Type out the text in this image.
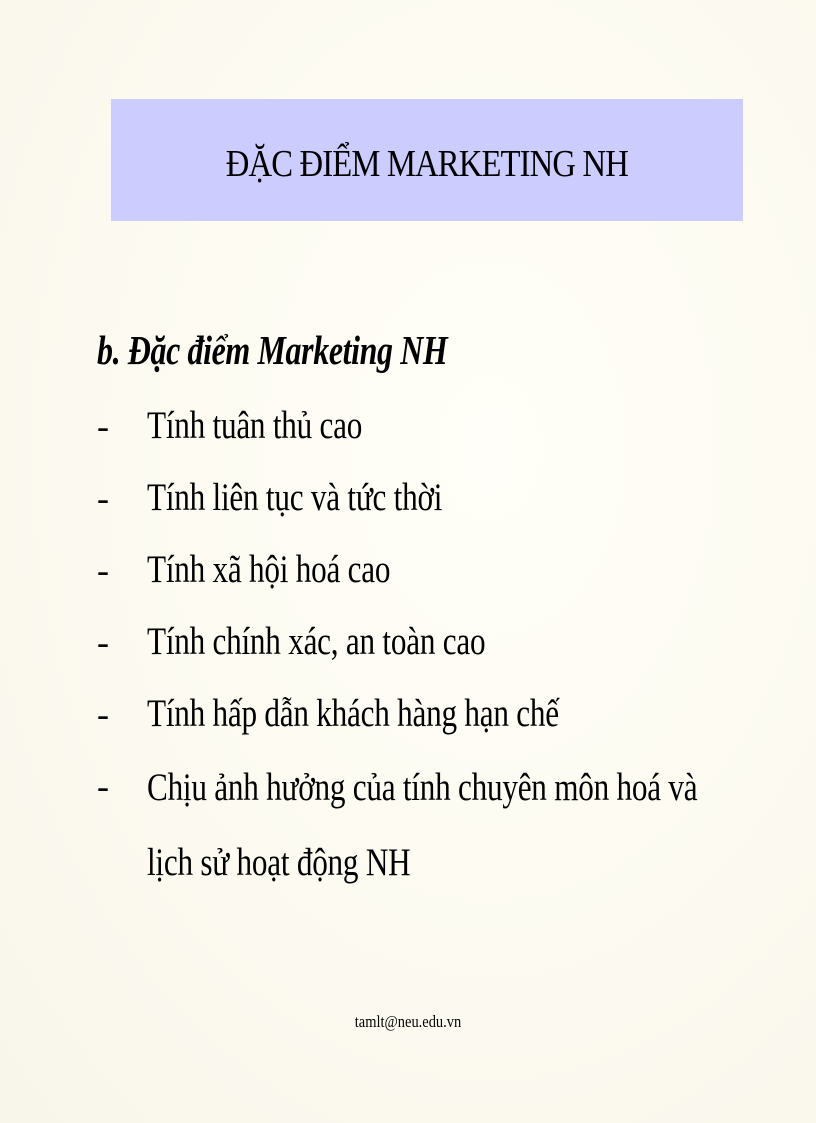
ĐẶC ĐIỂM MARKETING NH
b. Đặc điểm Marketing NH
- Tính tuân thủ cao
- Tính liên tục và tức thời
- Tính xã hội hoá cao
- Tính chính xác, an toàn cao
- Tính hấp dẫn khách hàng hạn chế
- Chịu ảnh hưởng của tính chuyên môn hoá và lịch sử hoạt động NH
tamlt@neu.edu.vn
